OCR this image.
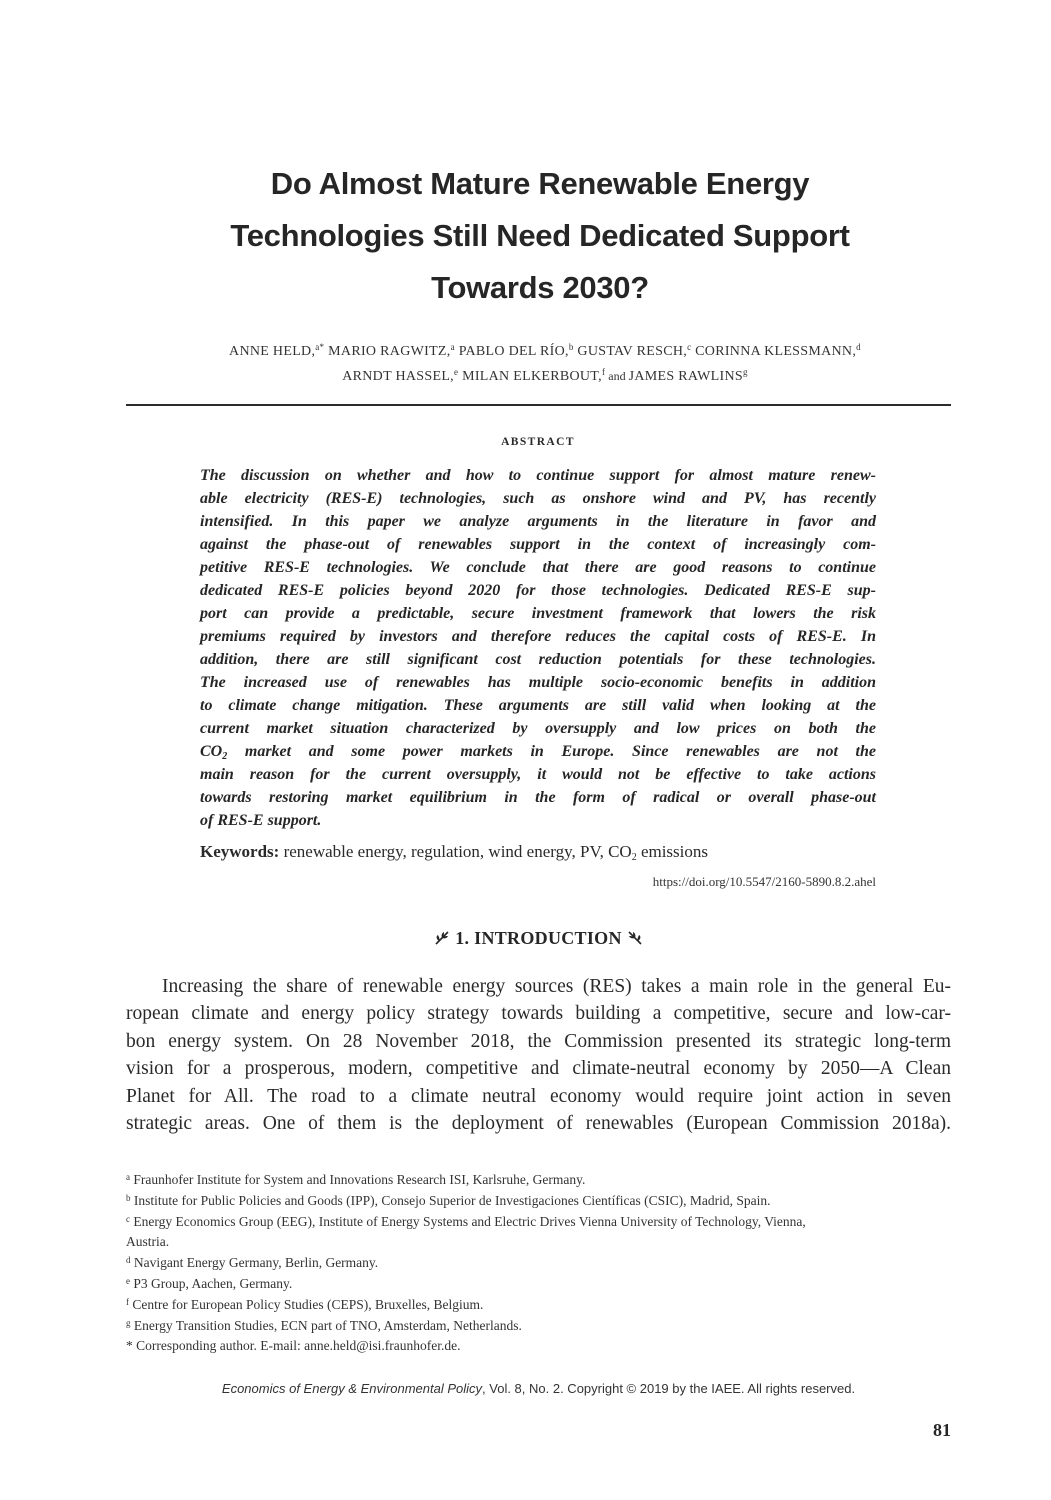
Do Almost Mature Renewable Energy
Technologies Still Need Dedicated Support
Towards 2030?
ANNE HELD,$^{a*}$ MARIO RAGWITZ,$^a$ PABLO DEL RÍO,$^b$ GUSTAV RESCH,$^c$ CORINNA KLESSMANN,$^d$
ARNDT HASSEL,$^e$ MILAN ELKERBOUT,$^f$ and JAMES RAWLINS$^g$
ABSTRACT
The discussion on whether and how to continue support for almost mature renew-
able electricity (RES-E) technologies, such as onshore wind and PV, has recently
intensified. In this paper we analyze arguments in the literature in favor and
against the phase-out of renewables support in the context of increasingly com-
petitive RES-E technologies. We conclude that there are good reasons to continue
dedicated RES-E policies beyond 2020 for those technologies. Dedicated RES-E sup-
port can provide a predictable, secure investment framework that lowers the risk
premiums required by investors and therefore reduces the capital costs of RES-E. In
addition, there are still significant cost reduction potentials for these technologies.
The increased use of renewables has multiple socio-economic benefits in addition
to climate change mitigation. These arguments are still valid when looking at the
current market situation characterized by oversupply and low prices on both the
$CO_2$ market and some power markets in Europe. Since renewables are not the
main reason for the current oversupply, it would not be effective to take actions
towards restoring market equilibrium in the form of radical or overall phase-out
of RES-E support.
Keywords: renewable energy, regulation, wind energy, PV, $CO_2$ emissions
https://doi.org/10.5547/2160-5890.8.2.ahel
1. INTRODUCTION
Increasing the share of renewable energy sources (RES) takes a main role in the general Eu-
ropean climate and energy policy strategy towards building a competitive, secure and low-car-
bon energy system. On 28 November 2018, the Commission presented its strategic long-term
vision for a prosperous, modern, competitive and climate-neutral economy by 2050—A Clean
Planet for All. The road to a climate neutral economy would require joint action in seven
strategic areas. One of them is the deployment of renewables (European Commission 2018a).
$^a$ Fraunhofer Institute for System and Innovations Research ISI, Karlsruhe, Germany.
$^b$ Institute for Public Policies and Goods (IPP), Consejo Superior de Investigaciones Científicas (CSIC), Madrid, Spain.
$^c$ Energy Economics Group (EEG), Institute of Energy Systems and Electric Drives Vienna University of Technology, Vienna,
Austria.
$^d$ Navigant Energy Germany, Berlin, Germany.
$^e$ P3 Group, Aachen, Germany.
$^f$ Centre for European Policy Studies (CEPS), Bruxelles, Belgium.
$^g$ Energy Transition Studies, ECN part of TNO, Amsterdam, Netherlands.
* Corresponding author. E-mail: anne.held@isi.fraunhofer.de.
Economics of Energy & Environmental Policy, Vol. 8, No. 2. Copyright © 2019 by the IAEE. All rights reserved.
81
